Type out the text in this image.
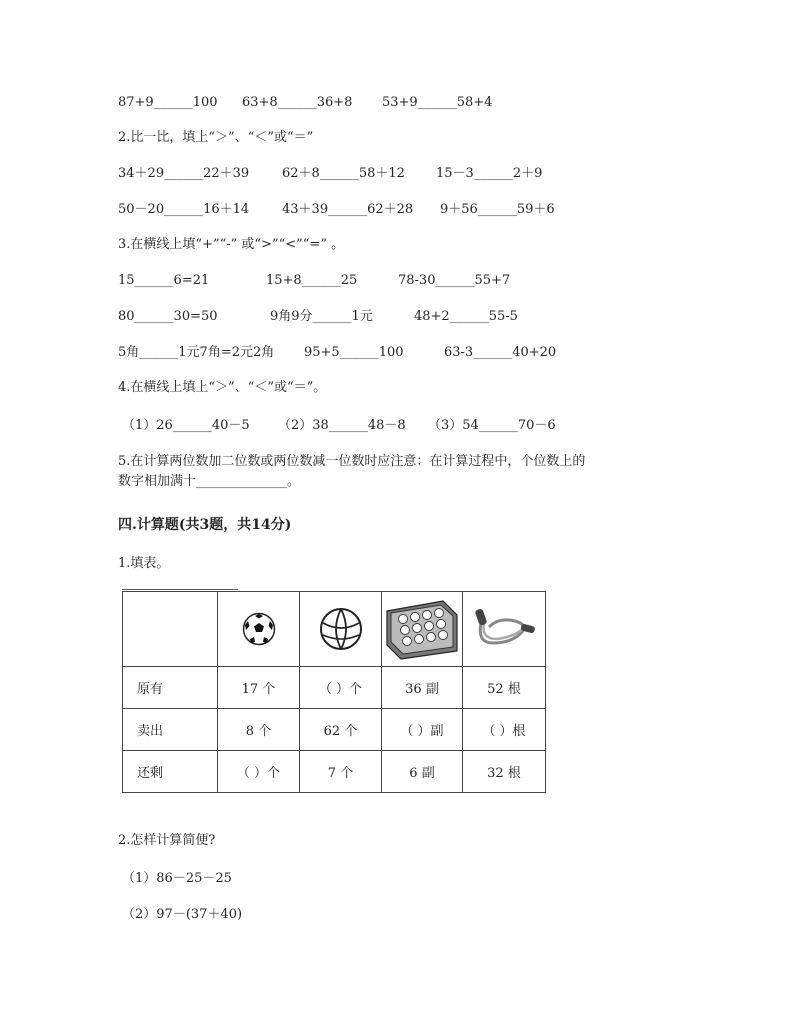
87+9______100 63+8______36+8 53+9______58+4
2.比一比，填上“＞”、“＜”或“＝”
34＋29______22＋39	62＋8______58＋12 15－3______2＋9
50－20______16＋14	43＋39______62＋28 9＋56______59＋6
3.在横线上填“+”“-” 或“>”“<”“=” 。
15______6=21	15+8______25	78-30______55+7
80______30=50	9角9分______1元	48+2______55-5
5角______1元7角=2元2角 95+5______100	63-3______40+20
4.在横线上填上“＞”、“＜”或“＝”。
（1）26______40－5 （2）38______48－8 （3）54______70－6
5.在计算两位数加二位数或两位数减一位数时应注意：在计算过程中，个位数上的
数字相加满十______________。
四.计算题(共3题，共14分)
1.填表。

原有	17 个	（ ）个	36 副	52 根
卖出	8 个	62 个	（ ）副	（ ）根
还剩	（ ）个	7 个	6 副	32 根
2.怎样计算简便?
（1）86－25－25
（2）97－(37＋40)
